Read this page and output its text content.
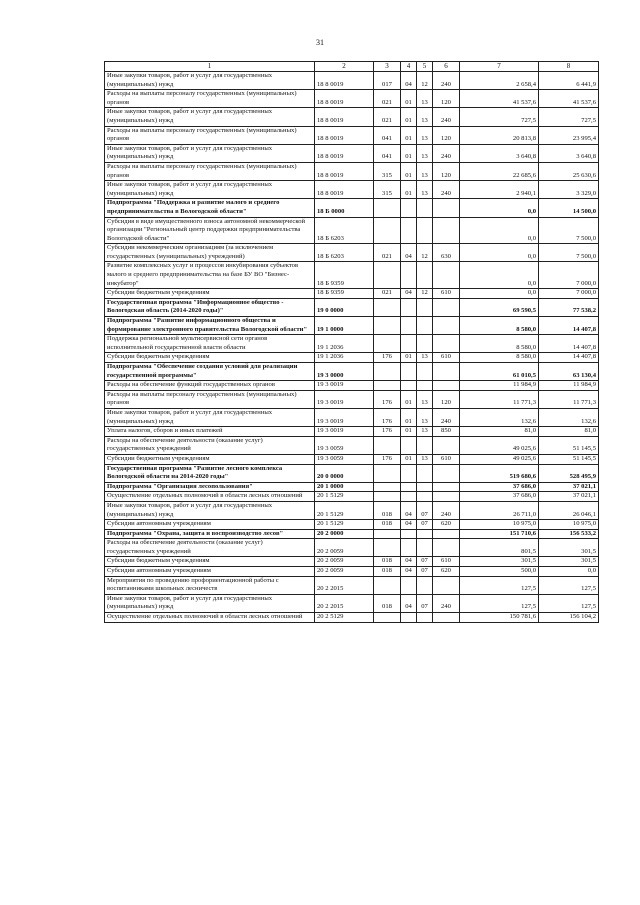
31
1	2	3	4	5	6	7	8
Иные закупки товаров, работ и услуг для государственных (муниципальных) нужд	18 8 0019	017	04	12	240	2 658,4	6 441,9
Расходы на выплаты персоналу государственных (муниципальных) органов	18 8 0019	021	01	13	120	41 537,6	41 537,6
Иные закупки товаров, работ и услуг для государственных (муниципальных) нужд	18 8 0019	021	01	13	240	727,5	727,5
Расходы на выплаты персоналу государственных (муниципальных) органов	18 8 0019	041	01	13	120	20 813,8	23 995,4
Иные закупки товаров, работ и услуг для государственных (муниципальных) нужд	18 8 0019	041	01	13	240	3 640,8	3 640,8
Расходы на выплаты персоналу государственных (муниципальных) органов	18 8 0019	315	01	13	120	22 685,6	25 630,6
Иные закупки товаров, работ и услуг для государственных (муниципальных) нужд	18 8 0019	315	01	13	240	2 940,1	3 329,0
Подпрограмма "Поддержка и развитие малого и среднего предпринимательства в Вологодской области"	18 Б 0000					0,0	14 500,0
Субсидия в виде имущественного взноса автономной некоммерческой организации "Региональный центр поддержки предпринимательства Вологодской области"	18 Б 6203					0,0	7 500,0
Субсидии некоммерческим организациям (за исключением государственных (муниципальных) учреждений)	18 Б 6203	021	04	12	630	0,0	7 500,0
Развитие комплексных услуг и процессов инкубирования субъектов малого и среднего предпринимательства на базе БУ ВО "Бизнес-инкубатор"	18 Б 9359					0,0	7 000,0
Субсидии бюджетным учреждениям	18 Б 9359	021	04	12	610	0,0	7 000,0
Государственная программа "Информационное общество - Вологодская область (2014-2020 годы)"	19 0 0000					69 590,5	77 538,2
Подпрограмма "Развитие информационного общества и формирование электронного правительства Вологодской области"	19 1 0000					8 580,0	14 407,8
Поддержка региональной мультисервисной сети органов исполнительной государственной власти области	19 1 2036					8 580,0	14 407,8
Субсидии бюджетным учреждениям	19 1 2036	176	01	13	610	8 580,0	14 407,8
Подпрограмма "Обеспечение создания условий для реализации государственной программы"	19 3 0000					61 010,5	63 130,4
Расходы на обеспечение функций государственных органов	19 3 0019					11 984,9	11 984,9
Расходы на выплаты персоналу государственных (муниципальных) органов	19 3 0019	176	01	13	120	11 771,3	11 771,3
Иные закупки товаров, работ и услуг для государственных (муниципальных) нужд	19 3 0019	176	01	13	240	132,6	132,6
Уплата налогов, сборов и иных платежей	19 3 0019	176	01	13	850	81,0	81,0
Расходы на обеспечение деятельности (оказание услуг) государственных учреждений	19 3 0059					49 025,6	51 145,5
Субсидии бюджетным учреждениям	19 3 0059	176	01	13	610	49 025,6	51 145,5
Государственная программа "Развитие лесного комплекса Вологодской области на 2014-2020 годы"	20 0 0000					519 680,6	528 495,9
Подпрограмма "Организация лесопользования"	20 1 0000					37 686,0	37 021,1
Осуществление отдельных полномочий в области лесных отношений	20 1 5129					37 686,0	37 021,1
Иные закупки товаров, работ и услуг для государственных (муниципальных) нужд	20 1 5129	018	04	07	240	26 711,0	26 046,1
Субсидии автономным учреждениям	20 1 5129	018	04	07	620	10 975,0	10 975,0
Подпрограмма "Охрана, защита и воспроизводство лесов"	20 2 0000					151 710,6	156 533,2
Расходы на обеспечение деятельности (оказание услуг) государственных учреждений	20 2 0059					801,5	301,5
Субсидии бюджетным учреждениям	20 2 0059	018	04	07	610	301,5	301,5
Субсидии автономным учреждениям	20 2 0059	018	04	07	620	500,0	0,0
Мероприятия по проведению профориентационной работы с воспитанниками школьных лесничеств	20 2 2015					127,5	127,5
Иные закупки товаров, работ и услуг для государственных (муниципальных) нужд	20 2 2015	018	04	07	240	127,5	127,5
Осуществление отдельных полномочий в области лесных отношений	20 2 5129					150 781,6	156 104,2
